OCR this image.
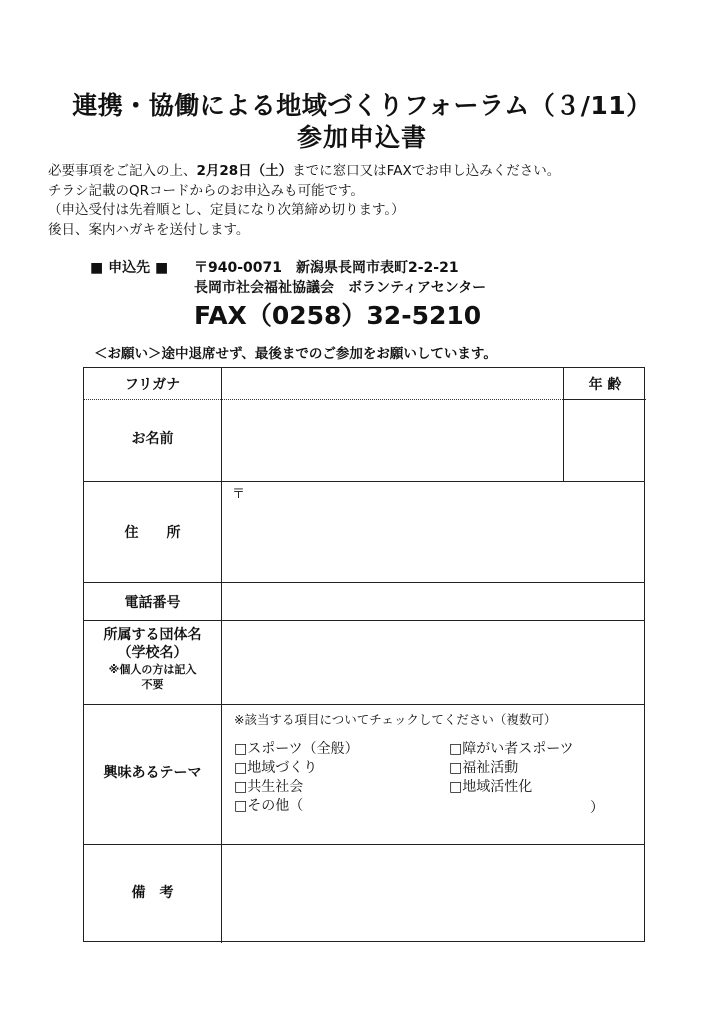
連携・協働による地域づくりフォーラム（３/11）
参加申込書
必要事項をご記入の上、2月28日（土）までに窓口又はFAXでお申し込みください。
チラシ記載のQRコードからのお申込みも可能です。
（申込受付は先着順とし、定員になり次第締め切ります。）
後日、案内ハガキを送付します。
■ 申込先 ■ 〒940-0071　新潟県長岡市表町2-2-21
長岡市社会福祉協議会　ボランティアセンター
FAX（0258）32-5210
＜お願い＞途中退席せず、最後までのご参加をお願いしています。
フリガナ	年 齢
お名前
住　　所
〒
電話番号
所属する団体名
（学校名）
※個人の方は記入
不要
興味あるテーマ
※該当する項目についてチェックしてください（複数可）
□スポーツ（全般）
□地域づくり
□共生社会
□その他（
□障がい者スポーツ
□福祉活動
□地域活性化
）
備　考
